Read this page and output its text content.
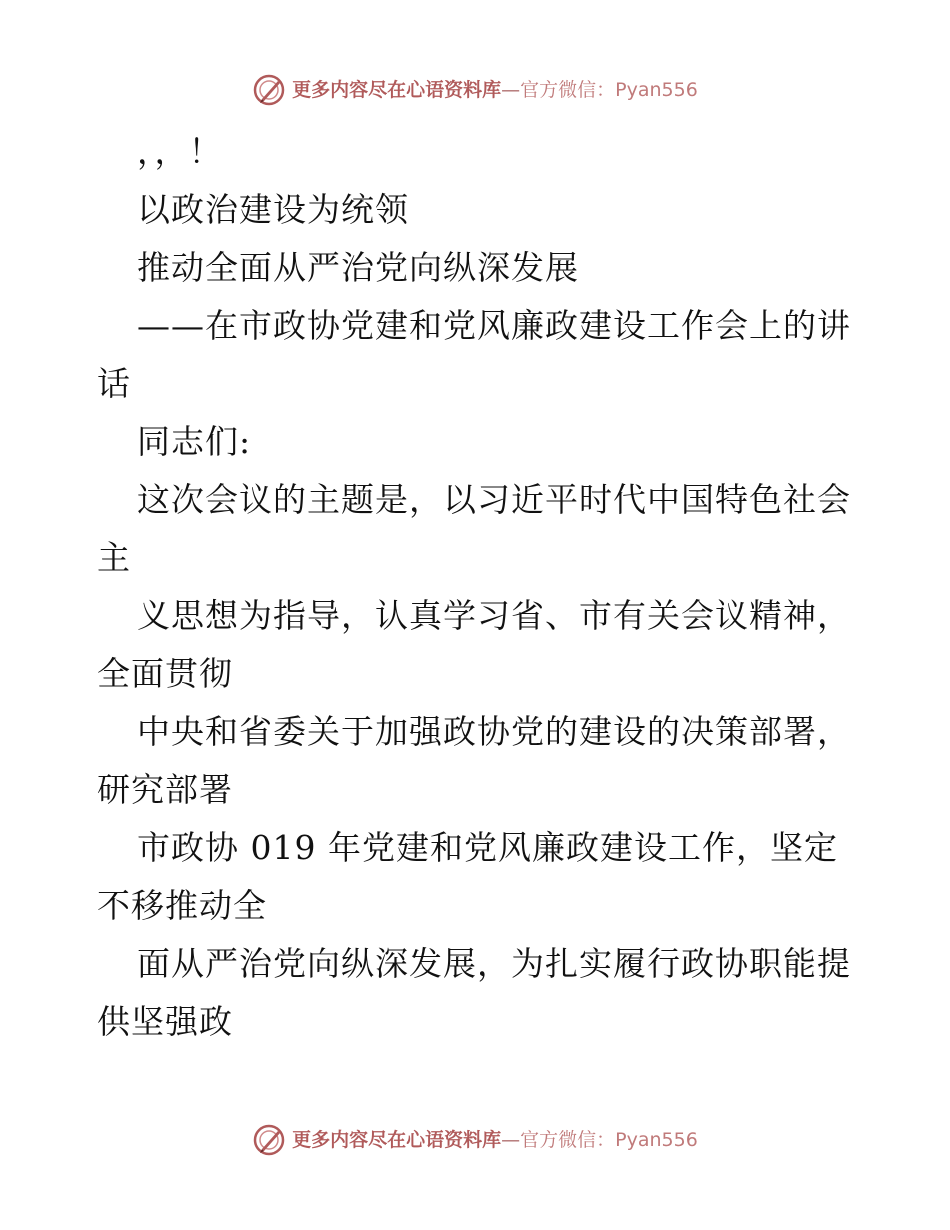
更多内容尽在心语资料库—官方微信：Pyan556

，，！

以政治建设为统领

推动全面从严治党向纵深发展

——在市政协党建和党风廉政建设工作会上的讲话

同志们:

这次会议的主题是，以习近平时代中国特色社会主

义思想为指导，认真学习省、市有关会议精神，全面贯彻

中央和省委关于加强政协党的建设的决策部署，研究部署

市政协 019 年党建和党风廉政建设工作，坚定不移推动全

面从严治党向纵深发展，为扎实履行政协职能提供坚强政

更多内容尽在心语资料库—官方微信：Pyan556
